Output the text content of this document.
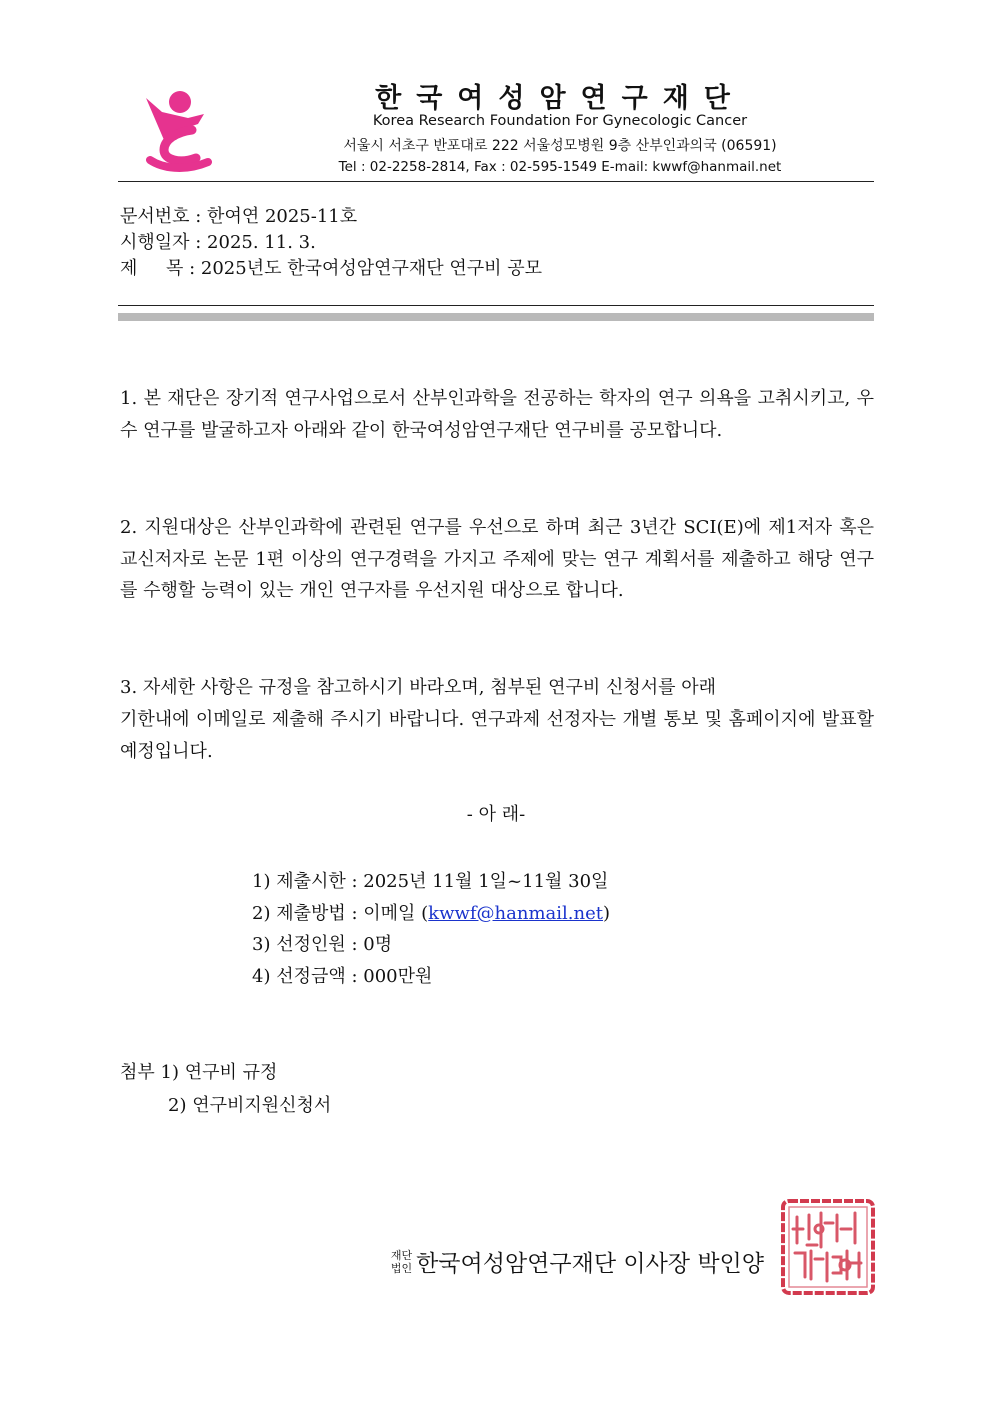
한국여성암연구재단
Korea Research Foundation For Gynecologic Cancer
서울시 서초구 반포대로 222 서울성모병원 9층 산부인과의국 (06591)
Tel : 02-2258-2814, Fax : 02-595-1549 E-mail: kwwf@hanmail.net
문서번호 : 한여연 2025-11호
시행일자 : 2025. 11. 3.
제     목 : 2025년도 한국여성암연구재단 연구비 공모
1. 본 재단은 장기적 연구사업으로서 산부인과학을 전공하는 학자의 연구 의욕을 고취시키고, 우수 연구를 발굴하고자 아래와 같이 한국여성암연구재단 연구비를 공모합니다.
2. 지원대상은 산부인과학에 관련된 연구를 우선으로 하며 최근 3년간 SCI(E)에 제1저자 혹은 교신저자로 논문 1편 이상의 연구경력을 가지고 주제에 맞는 연구 계획서를 제출하고 해당 연구를 수행할 능력이 있는 개인 연구자를 우선지원 대상으로 합니다.
3. 자세한 사항은 규정을 참고하시기 바라오며, 첨부된 연구비 신청서를 아래
기한내에 이메일로 제출해 주시기 바랍니다. 연구과제 선정자는 개별 통보 및 홈페이지에 발표할 예정입니다.
- 아 래-
1) 제출시한 : 2025년 11월 1일~11월 30일
2) 제출방법 : 이메일 (kwwf@hanmail.net)
3) 선정인원 : 0명
4) 선정금액 : 000만원
첨부 1) 연구비 규정
2) 연구비지원신청서
재단
법인 한국여성암연구재단 이사장 박인양
